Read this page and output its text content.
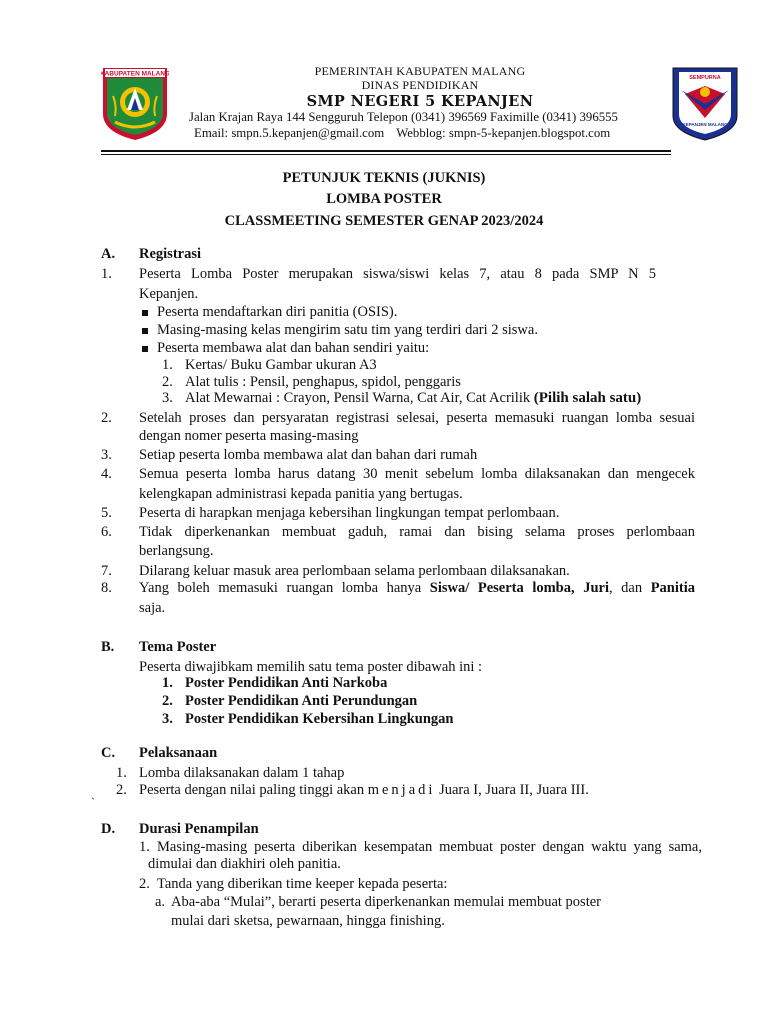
KABUPATEN MALANG
SEMPURNA
KEPANJEN MALANG
PEMERINTAH KABUPATEN MALANG
DINAS PENDIDIKAN
SMP NEGERI 5 KEPANJEN
Jalan Krajan Raya 144 Sengguruh Telepon (0341) 396569 Faximille (0341) 396555
Email: smpn.5.kepanjen@gmail.com Webblog: smpn-5-kepanjen.blogspot.com
PETUNJUK TEKNIS (JUKNIS)
LOMBA POSTER
CLASSMEETING SEMESTER GENAP 2023/2024
A. Registrasi
1. Peserta Lomba Poster merupakan siswa/siswi kelas 7, atau 8 pada SMP N 5
Kepanjen.
Peserta mendaftarkan diri panitia (OSIS).
Masing-masing kelas mengirim satu tim yang terdiri dari 2 siswa.
Peserta membawa alat dan bahan sendiri yaitu:
1. Kertas/ Buku Gambar ukuran A3
2. Alat tulis : Pensil, penghapus, spidol, penggaris
3. Alat Mewarnai : Crayon, Pensil Warna, Cat Air, Cat Acrilik (Pilih salah satu)
2. Setelah proses dan persyaratan registrasi selesai, peserta memasuki ruangan lomba sesuai
dengan nomer peserta masing-masing
3. Setiap peserta lomba membawa alat dan bahan dari rumah
4. Semua peserta lomba harus datang 30 menit sebelum lomba dilaksanakan dan mengecek
kelengkapan administrasi kepada panitia yang bertugas.
5. Peserta di harapkan menjaga kebersihan lingkungan tempat perlombaan.
6. Tidak diperkenankan membuat gaduh, ramai dan bising selama proses perlombaan
berlangsung.
7. Dilarang keluar masuk area perlombaan selama perlombaan dilaksanakan.
8. Yang boleh memasuki ruangan lomba hanya Siswa/ Peserta lomba, Juri, dan Panitia
saja.
B. Tema Poster
Peserta diwajibkam memilih satu tema poster dibawah ini :
1. Poster Pendidikan Anti Narkoba
2. Poster Pendidikan Anti Perundungan
3. Poster Pendidikan Kebersihan Lingkungan
C. Pelaksanaan
1. Lomba dilaksanakan dalam 1 tahap
2. Peserta dengan nilai paling tinggi akan menjadi Juara I, Juara II, Juara III.
`
D. Durasi Penampilan
1. Masing-masing peserta diberikan kesempatan membuat poster dengan waktu yang sama,
dimulai dan diakhiri oleh panitia.
2. Tanda yang diberikan time keeper kepada peserta:
a. Aba-aba “Mulai”, berarti peserta diperkenankan memulai membuat poster
mulai dari sketsa, pewarnaan, hingga finishing.
